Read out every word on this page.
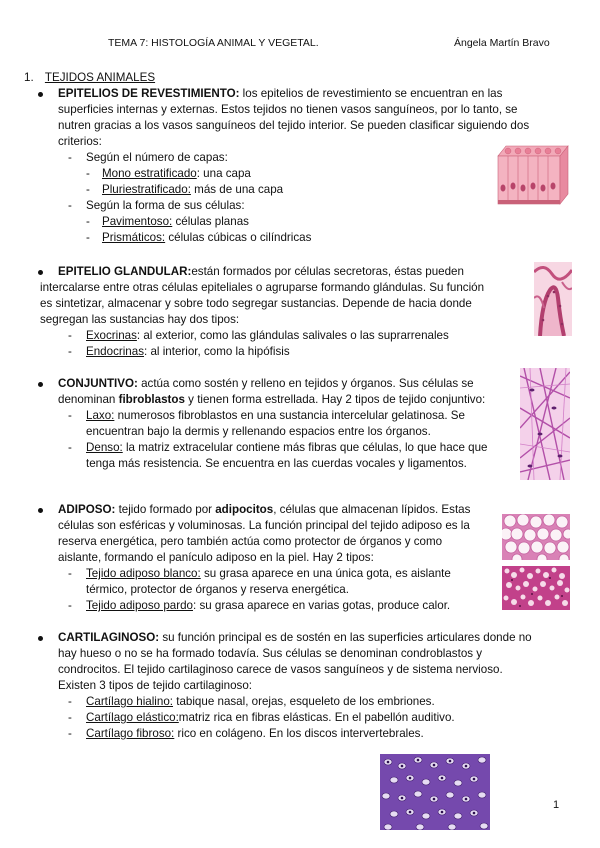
TEMA 7: HISTOLOGÍA ANIMAL Y VEGETAL.	Ángela Martín Bravo
1. TEJIDOS ANIMALES
EPITELIOS DE REVESTIMIENTO: los epitelios de revestimiento se encuentran en las
superficies internas y externas. Estos tejidos no tienen vasos sanguíneos, por lo tanto, se
nutren gracias a los vasos sanguíneos del tejido interior. Se pueden clasificar siguiendo dos
criterios:
- Según el número de capas:
- Mono estratificado: una capa
- Pluriestratificado: más de una capa
- Según la forma de sus células:
- Pavimentoso: células planas
- Prismáticos: células cúbicas o cilíndricas
EPITELIO GLANDULAR:están formados por células secretoras, éstas pueden
intercalarse entre otras células epiteliales o agruparse formando glándulas. Su función
es sintetizar, almacenar y sobre todo segregar sustancias. Depende de hacia donde
segregan las sustancias hay dos tipos:
- Exocrinas: al exterior, como las glándulas salivales o las suprarrenales
- Endocrinas: al interior, como la hipófisis
CONJUNTIVO: actúa como sostén y relleno en tejidos y órganos. Sus células se
denominan fibroblastos y tienen forma estrellada. Hay 2 tipos de tejido conjuntivo:
- Laxo: numerosos fibroblastos en una sustancia intercelular gelatinosa. Se
encuentran bajo la dermis y rellenando espacios entre los órganos.
- Denso: la matriz extracelular contiene más fibras que células, lo que hace que
tenga más resistencia. Se encuentra en las cuerdas vocales y ligamentos.
ADIPOSO: tejido formado por adipocitos, células que almacenan lípidos. Estas
células son esféricas y voluminosas. La función principal del tejido adiposo es la
reserva energética, pero también actúa como protector de órganos y como
aislante, formando el panículo adiposo en la piel. Hay 2 tipos:
- Tejido adiposo blanco: su grasa aparece en una única gota, es aislante
térmico, protector de órganos y reserva energética.
- Tejido adiposo pardo: su grasa aparece en varias gotas, produce calor.
CARTILAGINOSO: su función principal es de sostén en las superficies articulares donde no
hay hueso o no se ha formado todavía. Sus células se denominan condroblastos y
condrocitos. El tejido cartilaginoso carece de vasos sanguíneos y de sistema nervioso.
Existen 3 tipos de tejido cartilaginoso:
- Cartílago hialino: tabique nasal, orejas, esqueleto de los embriones.
- Cartílago elástico:matriz rica en fibras elásticas. En el pabellón auditivo.
- Cartílago fibroso: rico en colágeno. En los discos intervertebrales.
1
